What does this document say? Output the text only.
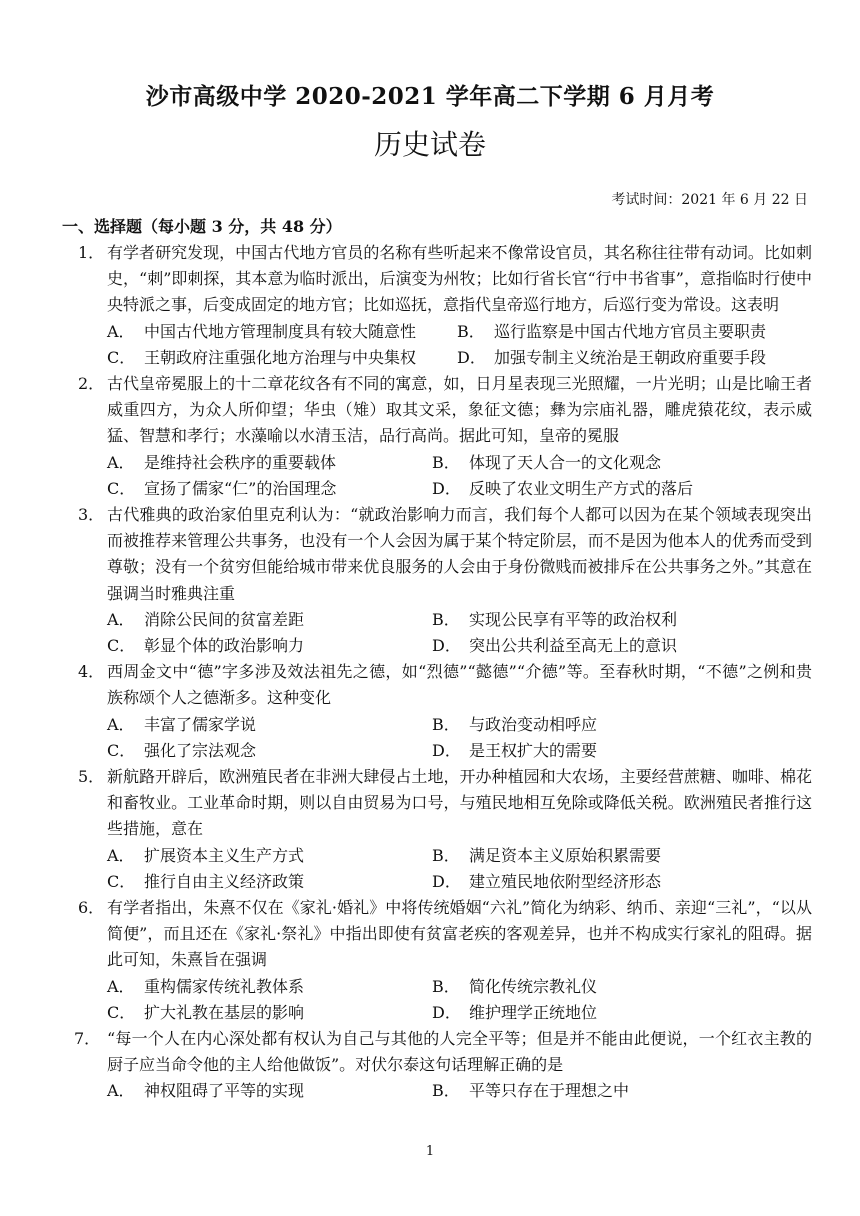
沙市高级中学 2020-2021 学年高二下学期 6 月月考
历史试卷
考试时间：2021 年 6 月 22 日
一、选择题（每小题 3 分，共 48 分）
1． 有学者研究发现，中国古代地方官员的名称有些听起来不像常设官员，其名称往往带有动词。比如刺史，“刺”即刺探，其本意为临时派出，后演变为州牧；比如行省长官“行中书省事”，意指临时行使中央特派之事，后变成固定的地方官；比如巡抚，意指代皇帝巡行地方，后巡行变为常设。这表明
A． 中国古代地方管理制度具有较大随意性	B． 巡行监察是中国古代地方官员主要职责
C． 王朝政府注重强化地方治理与中央集权	D． 加强专制主义统治是王朝政府重要手段
2． 古代皇帝冕服上的十二章花纹各有不同的寓意，如，日月星表现三光照耀，一片光明；山是比喻王者威重四方，为众人所仰望；华虫（雉）取其文采，象征文德；彝为宗庙礼器，雕虎猿花纹，表示威猛、智慧和孝行；水藻喻以水清玉洁，品行高尚。据此可知，皇帝的冕服
A． 是维持社会秩序的重要载体	B． 体现了天人合一的文化观念
C． 宣扬了儒家“仁”的治国理念	D． 反映了农业文明生产方式的落后
3． 古代雅典的政治家伯里克利认为：“就政治影响力而言，我们每个人都可以因为在某个领域表现突出而被推荐来管理公共事务，也没有一个人会因为属于某个特定阶层，而不是因为他本人的优秀而受到尊敬；没有一个贫穷但能给城市带来优良服务的人会由于身份微贱而被排斥在公共事务之外。”其意在强调当时雅典注重
A． 消除公民间的贫富差距	B． 实现公民享有平等的政治权利
C． 彰显个体的政治影响力	D． 突出公共利益至高无上的意识
4． 西周金文中“德”字多涉及效法祖先之德，如“烈德”“懿德”“介德”等。至春秋时期，“不德”之例和贵族称颂个人之德渐多。这种变化
A． 丰富了儒家学说	B． 与政治变动相呼应
C． 强化了宗法观念	D． 是王权扩大的需要
5． 新航路开辟后，欧洲殖民者在非洲大肆侵占土地，开办种植园和大农场，主要经营蔗糖、咖啡、棉花和畜牧业。工业革命时期，则以自由贸易为口号，与殖民地相互免除或降低关税。欧洲殖民者推行这些措施，意在
A． 扩展资本主义生产方式	B． 满足资本主义原始积累需要
C． 推行自由主义经济政策	D． 建立殖民地依附型经济形态
6． 有学者指出，朱熹不仅在《家礼·婚礼》中将传统婚姻“六礼”简化为纳彩、纳币、亲迎“三礼”，“以从简便”，而且还在《家礼·祭礼》中指出即使有贫富老疾的客观差异，也并不构成实行家礼的阻碍。据此可知，朱熹旨在强调
A． 重构儒家传统礼教体系	B． 简化传统宗教礼仪
C． 扩大礼教在基层的影响	D． 维护理学正统地位
7． “每一个人在内心深处都有权认为自己与其他的人完全平等；但是并不能由此便说，一个红衣主教的厨子应当命令他的主人给他做饭”。对伏尔泰这句话理解正确的是
A． 神权阻碍了平等的实现	B． 平等只存在于理想之中
1
